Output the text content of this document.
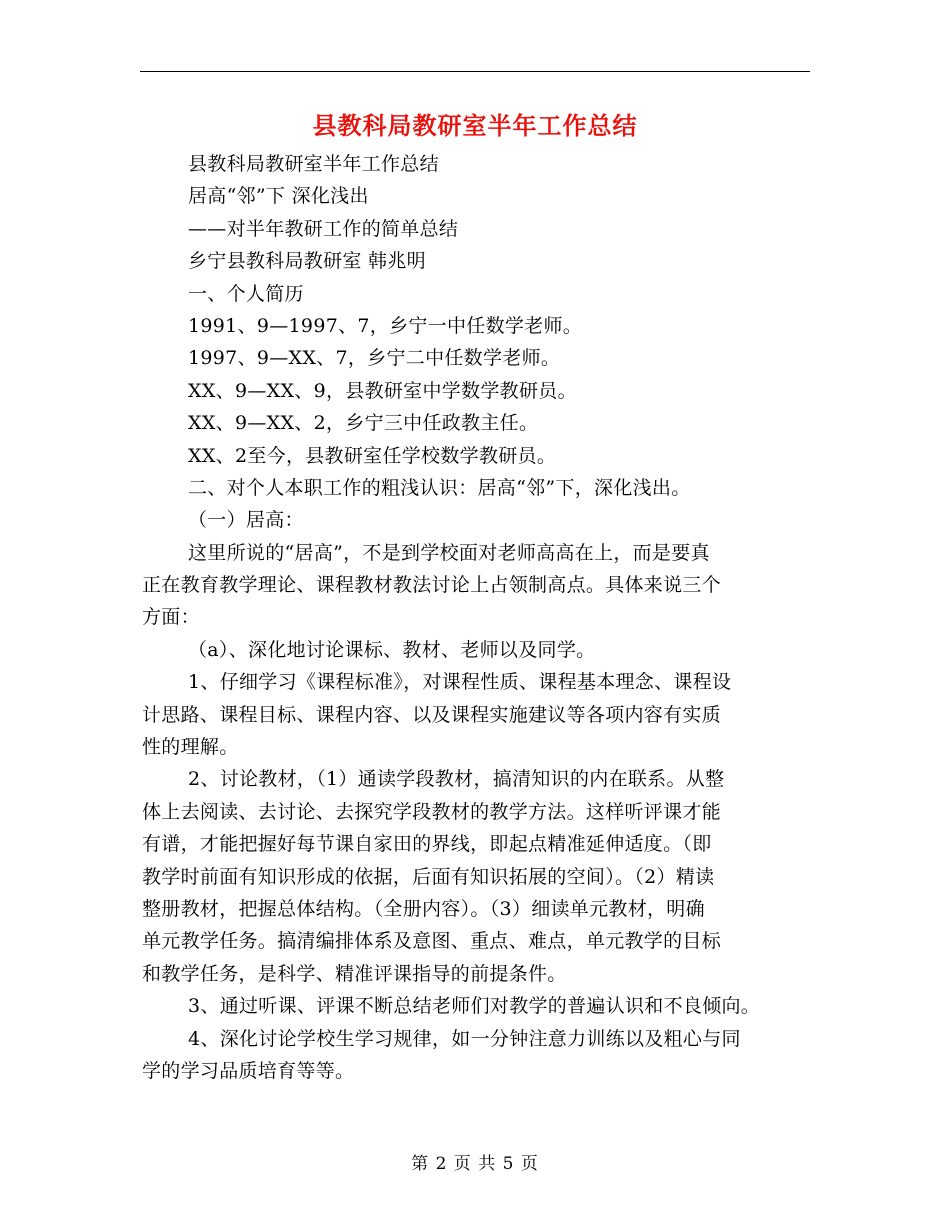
县教科局教研室半年工作总结
县教科局教研室半年工作总结
居高“邻”下 深化浅出
——对半年教研工作的简单总结
乡宁县教科局教研室 韩兆明
一、个人简历
1991、9—1997、7，乡宁一中任数学老师。
1997、9—XX、7，乡宁二中任数学老师。
XX、9—XX、9，县教研室中学数学教研员。
XX、9—XX、2，乡宁三中任政教主任。
XX、2至今，县教研室任学校数学教研员。
二、对个人本职工作的粗浅认识：居高“邻”下，深化浅出。
（一）居高：
这里所说的“居高”，不是到学校面对老师高高在上，而是要真
正在教育教学理论、课程教材教法讨论上占领制高点。具体来说三个
方面：
（a）、深化地讨论课标、教材、老师以及同学。
1、仔细学习《课程标准》，对课程性质、课程基本理念、课程设
计思路、课程目标、课程内容、以及课程实施建议等各项内容有实质
性的理解。
2、讨论教材，（1）通读学段教材，搞清知识的内在联系。从整
体上去阅读、去讨论、去探究学段教材的教学方法。这样听评课才能
有谱，才能把握好每节课自家田的界线，即起点精准延伸适度。（即
教学时前面有知识形成的依据，后面有知识拓展的空间）。（2）精读
整册教材，把握总体结构。（全册内容）。（3）细读单元教材，明确
单元教学任务。搞清编排体系及意图、重点、难点，单元教学的目标
和教学任务，是科学、精准评课指导的前提条件。
3、通过听课、评课不断总结老师们对教学的普遍认识和不良倾向。
4、深化讨论学校生学习规律，如一分钟注意力训练以及粗心与同
学的学习品质培育等等。
第 2 页 共 5 页
